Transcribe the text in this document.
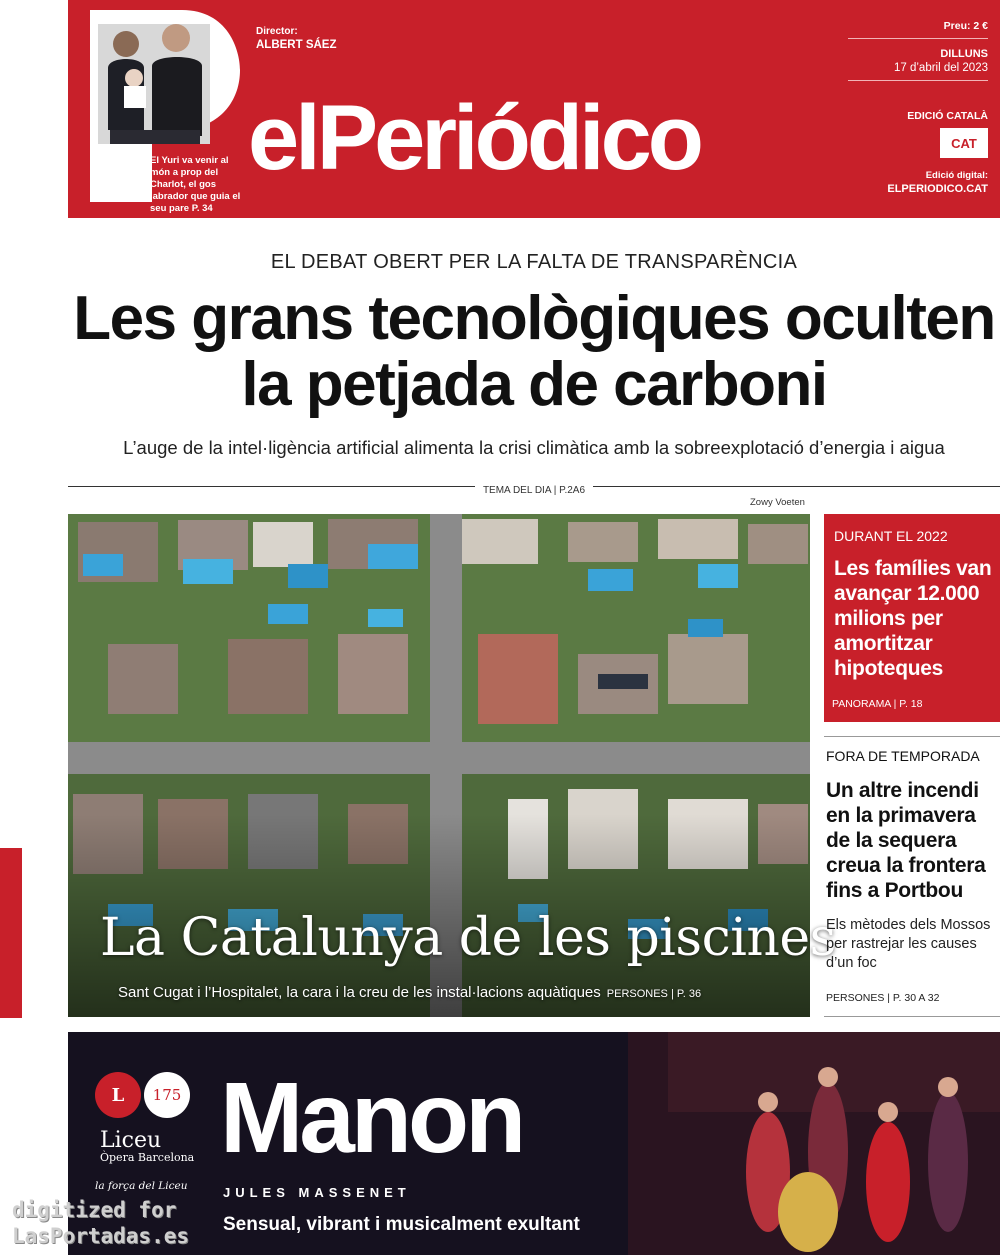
El Yuri va venir al món a prop del Charlot, el gos labrador que guia el seu pare P. 34
Director:
ALBERT SÁEZ
elPeriódico
Preu: 2 €
DILLUNS
17 d’abril del 2023
EDICIÓ CATALÀ
CAT
Edició digital:
ELPERIODICO.CAT
EL DEBAT OBERT PER LA FALTA DE TRANSPARÈNCIA
Les grans tecnològiques oculten la petjada de carboni
L’auge de la intel·ligència artificial alimenta la crisi climàtica amb la sobreexplotació d’energia i aigua
TEMA DEL DIA | P.2A6
Zowy Voeten
La Catalunya de les piscines
Sant Cugat i l’Hospitalet, la cara i la creu de les instal·lacions aquàtiques PERSONES | P. 36
DURANT EL 2022
Les famílies van avançar 12.000 milions per amortitzar hipoteques
PANORAMA | P. 18
FORA DE TEMPORADA
Un altre incendi en la primavera de la sequera creua la frontera fins a Portbou
Els mètodes dels Mossos per rastrejar les causes d’un foc
PERSONES | P. 30 A 32
L	175
Liceu
Òpera Barcelona
la força del Liceu
Manon
JULES MASSENET
Sensual, vibrant i musicalment exultant
digitized for
LasPortadas.es
